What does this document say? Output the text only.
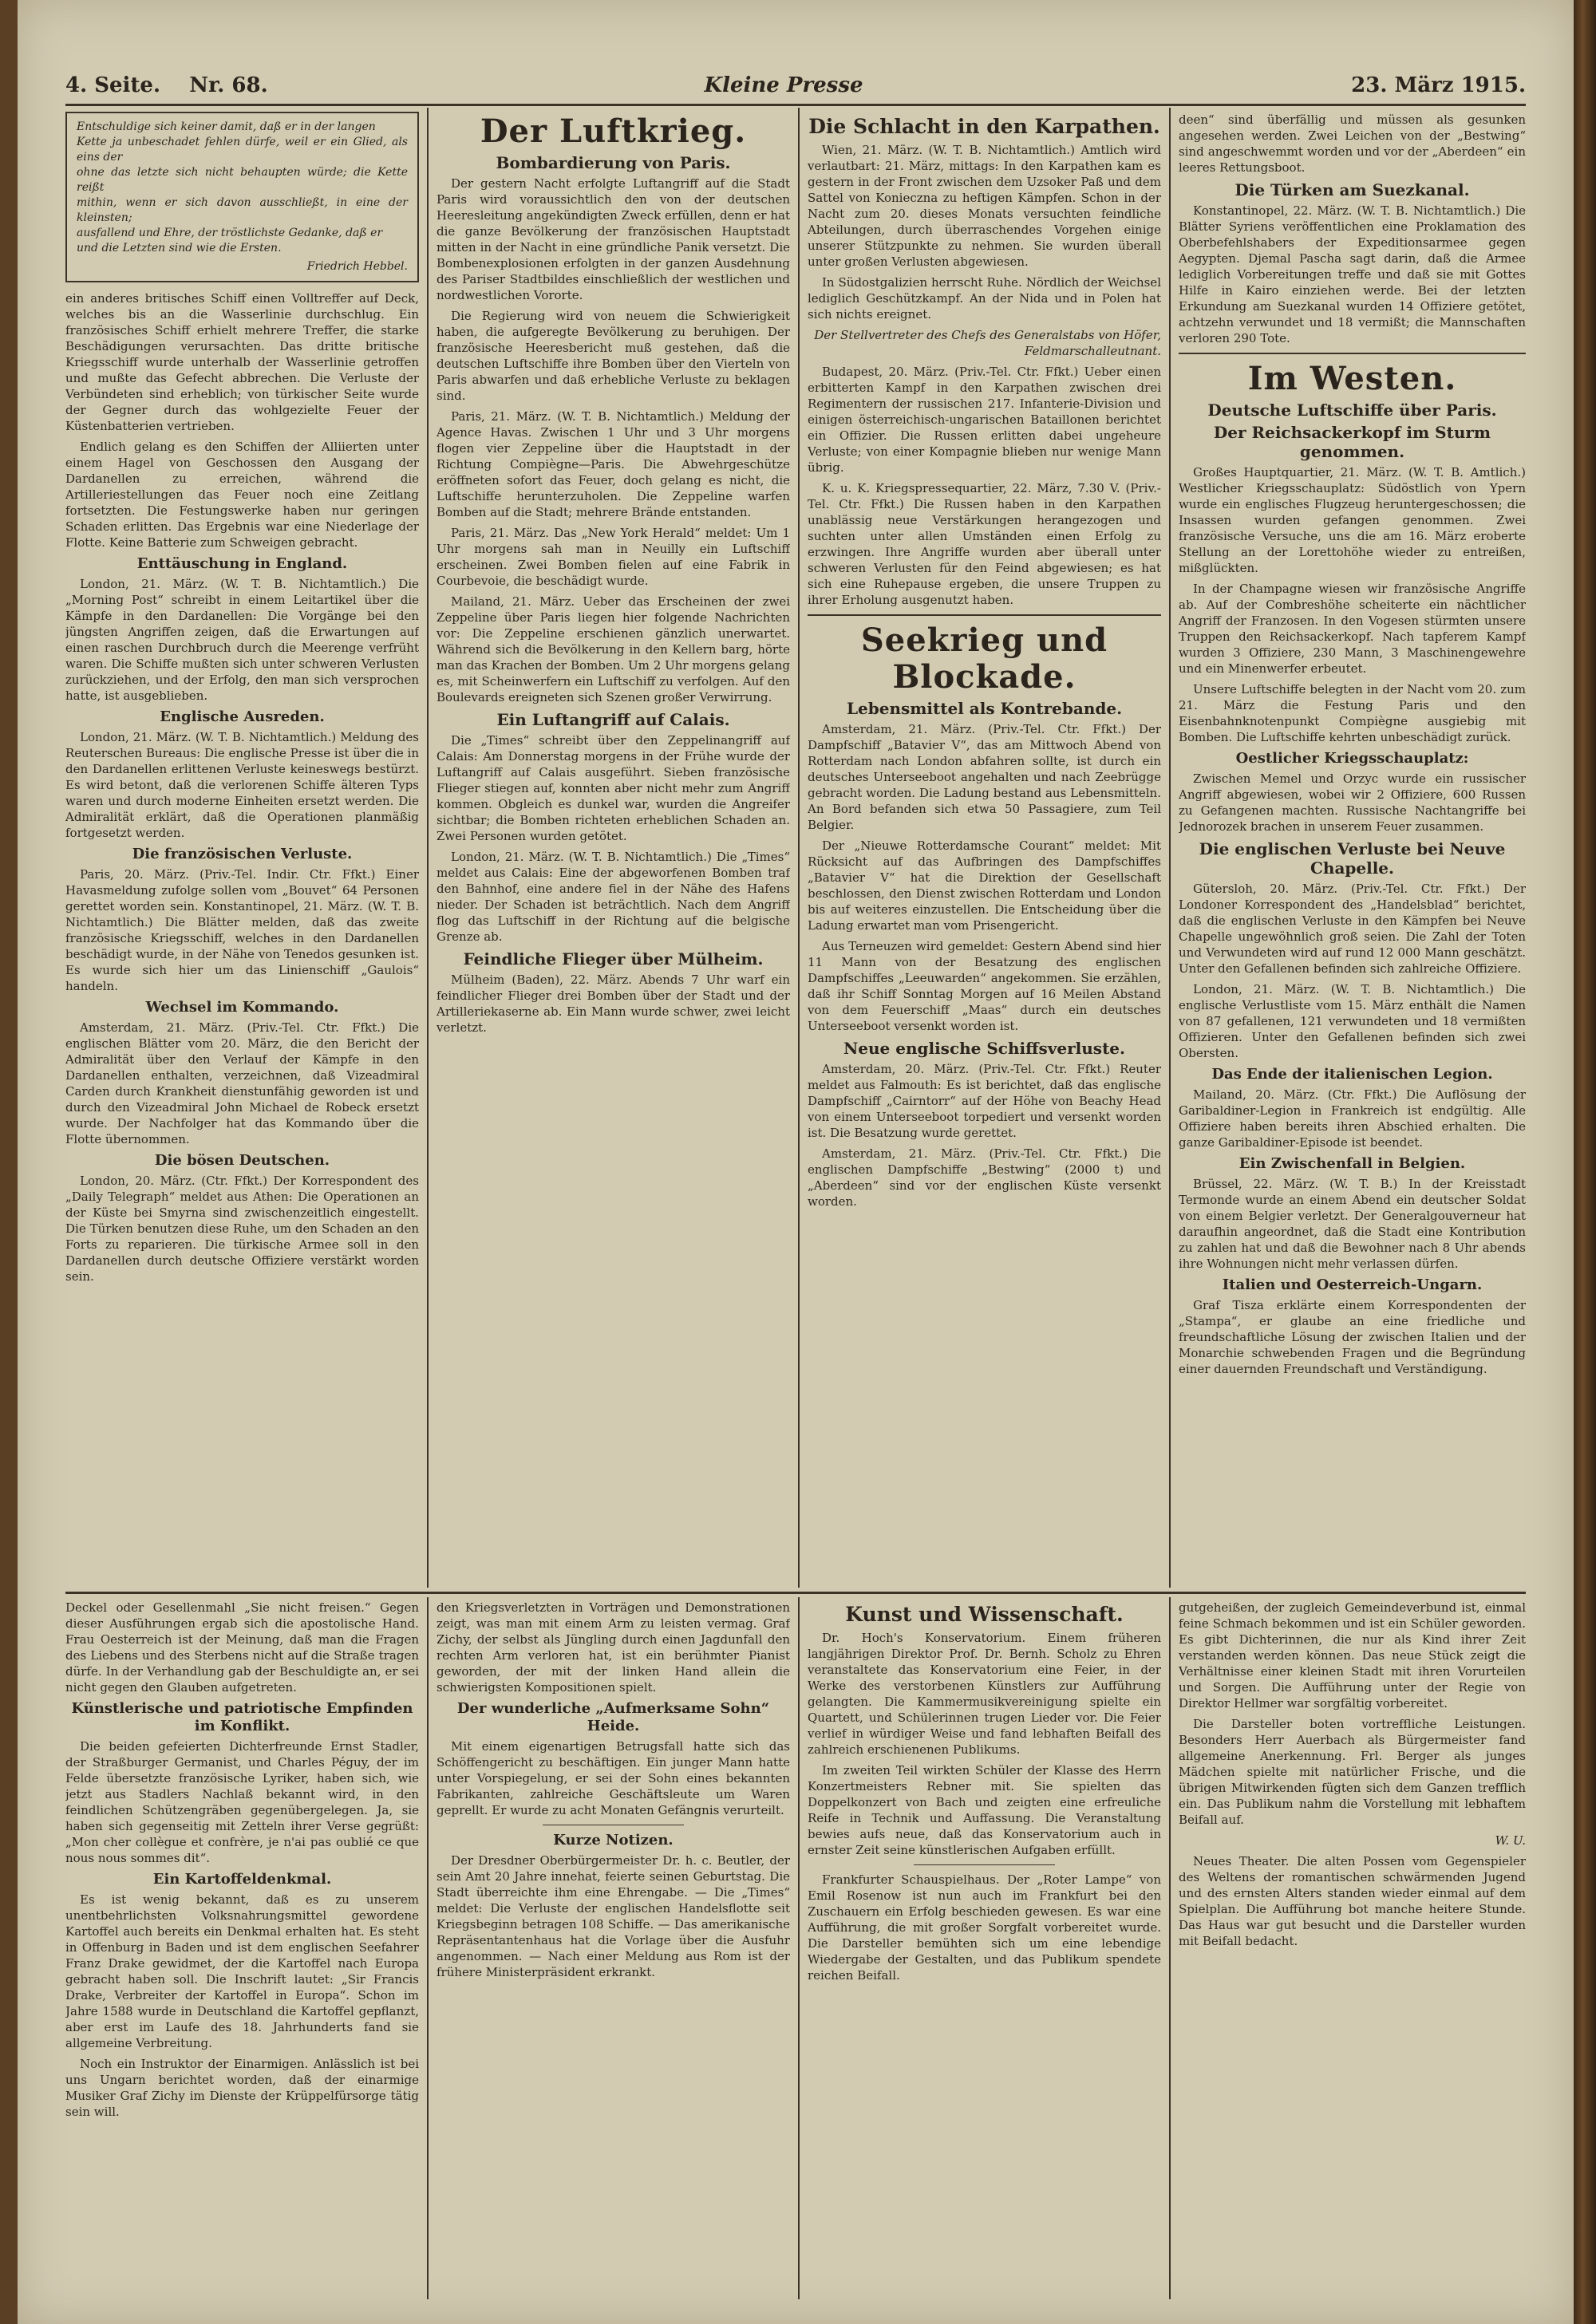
4. Seite. Nr. 68.	Kleine Presse	23. März 1915.
Entschuldige sich keiner damit, daß er in der langen
Kette ja unbeschadet fehlen dürfe, weil er ein Glied, als eins der
ohne das letzte sich nicht behaupten würde; die Kette reißt
mithin, wenn er sich davon ausschließt, in eine der kleinsten;
ausfallend und Ehre, der tröstlichste Gedanke, daß er
und die Letzten sind wie die Ersten.
Friedrich Hebbel.

ein anderes britisches Schiff einen Volltreffer auf Deck, welches bis an die Wasserlinie durchschlug. Ein französisches Schiff erhielt mehrere Treffer, die starke Beschädigungen verursachten. Das dritte britische Kriegsschiff wurde unterhalb der Wasserlinie getroffen und mußte das Gefecht abbrechen. Die Verluste der Verbündeten sind erheblich; von türkischer Seite wurde der Gegner durch das wohlgezielte Feuer der Küstenbatterien vertrieben.

Endlich gelang es den Schiffen der Alliierten unter einem Hagel von Geschossen den Ausgang der Dardanellen zu erreichen, während die Artilleriestellungen das Feuer noch eine Zeitlang fortsetzten. Die Festungswerke haben nur geringen Schaden erlitten. Das Ergebnis war eine Niederlage der Flotte. Keine Batterie zum Schweigen gebracht.

Enttäuschung in England.

London, 21. März. (W. T. B. Nichtamtlich.) Die „Morning Post“ schreibt in einem Leitartikel über die Kämpfe in den Dardanellen: Die Vorgänge bei den jüngsten Angriffen zeigen, daß die Erwartungen auf einen raschen Durchbruch durch die Meerenge verfrüht waren. Die Schiffe mußten sich unter schweren Verlusten zurückziehen, und der Erfolg, den man sich versprochen hatte, ist ausgeblieben.

Englische Ausreden.

London, 21. März. (W. T. B. Nichtamtlich.) Meldung des Reuterschen Bureaus: Die englische Presse ist über die in den Dardanellen erlittenen Verluste keineswegs bestürzt. Es wird betont, daß die verlorenen Schiffe älteren Typs waren und durch moderne Einheiten ersetzt werden. Die Admiralität erklärt, daß die Operationen planmäßig fortgesetzt werden.

Die französischen Verluste.

Paris, 20. März. (Priv.-Tel. Indir. Ctr. Ffkt.) Einer Havasmeldung zufolge sollen vom „Bouvet“ 64 Personen gerettet worden sein. Konstantinopel, 21. März. (W. T. B. Nichtamtlich.) Die Blätter melden, daß das zweite französische Kriegsschiff, welches in den Dardanellen beschädigt wurde, in der Nähe von Tenedos gesunken ist. Es wurde sich hier um das Linienschiff „Gaulois“ handeln.

Wechsel im Kommando.

Amsterdam, 21. März. (Priv.-Tel. Ctr. Ffkt.) Die englischen Blätter vom 20. März, die den Bericht der Admiralität über den Verlauf der Kämpfe in den Dardanellen enthalten, verzeichnen, daß Vizeadmiral Carden durch Krankheit dienstunfähig geworden ist und durch den Vizeadmiral John Michael de Robeck ersetzt wurde. Der Nachfolger hat das Kommando über die Flotte übernommen.

Die bösen Deutschen.

London, 20. März. (Ctr. Ffkt.) Der Korrespondent des „Daily Telegraph“ meldet aus Athen: Die Operationen an der Küste bei Smyrna sind zwischenzeitlich eingestellt. Die Türken benutzen diese Ruhe, um den Schaden an den Forts zu reparieren. Die türkische Armee soll in den Dardanellen durch deutsche Offiziere verstärkt worden sein.

Der Luftkrieg.
Bombardierung von Paris.

Der gestern Nacht erfolgte Luftangriff auf die Stadt Paris wird voraussichtlich den von der deutschen Heeresleitung angekündigten Zweck erfüllen, denn er hat die ganze Bevölkerung der französischen Hauptstadt mitten in der Nacht in eine gründliche Panik versetzt. Die Bombenexplosionen erfolgten in der ganzen Ausdehnung des Pariser Stadtbildes einschließlich der westlichen und nordwestlichen Vororte.

Die Regierung wird von neuem die Schwierigkeit haben, die aufgeregte Bevölkerung zu beruhigen. Der französische Heeresbericht muß gestehen, daß die deutschen Luftschiffe ihre Bomben über den Vierteln von Paris abwarfen und daß erhebliche Verluste zu beklagen sind.

Paris, 21. März. (W. T. B. Nichtamtlich.) Meldung der Agence Havas. Zwischen 1 Uhr und 3 Uhr morgens flogen vier Zeppeline über die Hauptstadt in der Richtung Compiègne—Paris. Die Abwehrgeschütze eröffneten sofort das Feuer, doch gelang es nicht, die Luftschiffe herunterzuholen. Die Zeppeline warfen Bomben auf die Stadt; mehrere Brände entstanden.

Paris, 21. März. Das „New York Herald“ meldet: Um 1 Uhr morgens sah man in Neuilly ein Luftschiff erscheinen. Zwei Bomben fielen auf eine Fabrik in Courbevoie, die beschädigt wurde.

Mailand, 21. März. Ueber das Erscheinen der zwei Zeppeline über Paris liegen hier folgende Nachrichten vor: Die Zeppeline erschienen gänzlich unerwartet. Während sich die Bevölkerung in den Kellern barg, hörte man das Krachen der Bomben. Um 2 Uhr morgens gelang es, mit Scheinwerfern ein Luftschiff zu verfolgen. Auf den Boulevards ereigneten sich Szenen großer Verwirrung.

Ein Luftangriff auf Calais.

Die „Times“ schreibt über den Zeppelinangriff auf Calais: Am Donnerstag morgens in der Frühe wurde der Luftangriff auf Calais ausgeführt. Sieben französische Flieger stiegen auf, konnten aber nicht mehr zum Angriff kommen. Obgleich es dunkel war, wurden die Angreifer sichtbar; die Bomben richteten erheblichen Schaden an. Zwei Personen wurden getötet.

London, 21. März. (W. T. B. Nichtamtlich.) Die „Times“ meldet aus Calais: Eine der abgeworfenen Bomben traf den Bahnhof, eine andere fiel in der Nähe des Hafens nieder. Der Schaden ist beträchtlich. Nach dem Angriff flog das Luftschiff in der Richtung auf die belgische Grenze ab.

Feindliche Flieger über Mülheim.

Mülheim (Baden), 22. März. Abends 7 Uhr warf ein feindlicher Flieger drei Bomben über der Stadt und der Artilleriekaserne ab. Ein Mann wurde schwer, zwei leicht verletzt.

Die Schlacht in den Karpathen.

Wien, 21. März. (W. T. B. Nichtamtlich.) Amtlich wird verlautbart: 21. März, mittags: In den Karpathen kam es gestern in der Front zwischen dem Uzsoker Paß und dem Sattel von Konieczna zu heftigen Kämpfen. Schon in der Nacht zum 20. dieses Monats versuchten feindliche Abteilungen, durch überraschendes Vorgehen einige unserer Stützpunkte zu nehmen. Sie wurden überall unter großen Verlusten abgewiesen.

In Südostgalizien herrscht Ruhe. Nördlich der Weichsel lediglich Geschützkampf. An der Nida und in Polen hat sich nichts ereignet.

Der Stellvertreter des Chefs des Generalstabs von Höfer, Feldmarschalleutnant.

Budapest, 20. März. (Priv.-Tel. Ctr. Ffkt.) Ueber einen erbitterten Kampf in den Karpathen zwischen drei Regimentern der russischen 217. Infanterie-Division und einigen österreichisch-ungarischen Bataillonen berichtet ein Offizier. Die Russen erlitten dabei ungeheure Verluste; von einer Kompagnie blieben nur wenige Mann übrig.

K. u. K. Kriegspressequartier, 22. März, 7.30 V. (Priv.-Tel. Ctr. Ffkt.) Die Russen haben in den Karpathen unablässig neue Verstärkungen herangezogen und suchten unter allen Umständen einen Erfolg zu erzwingen. Ihre Angriffe wurden aber überall unter schweren Verlusten für den Feind abgewiesen; es hat sich eine Ruhepause ergeben, die unsere Truppen zu ihrer Erholung ausgenutzt haben.

Seekrieg und Blockade.
Lebensmittel als Kontrebande.

Amsterdam, 21. März. (Priv.-Tel. Ctr. Ffkt.) Der Dampfschiff „Batavier V“, das am Mittwoch Abend von Rotterdam nach London abfahren sollte, ist durch ein deutsches Unterseeboot angehalten und nach Zeebrügge gebracht worden. Die Ladung bestand aus Lebensmitteln. An Bord befanden sich etwa 50 Passagiere, zum Teil Belgier.

Der „Nieuwe Rotterdamsche Courant“ meldet: Mit Rücksicht auf das Aufbringen des Dampfschiffes „Batavier V“ hat die Direktion der Gesellschaft beschlossen, den Dienst zwischen Rotterdam und London bis auf weiteres einzustellen. Die Entscheidung über die Ladung erwartet man vom Prisengericht.

Aus Terneuzen wird gemeldet: Gestern Abend sind hier 11 Mann von der Besatzung des englischen Dampfschiffes „Leeuwarden“ angekommen. Sie erzählen, daß ihr Schiff Sonntag Morgen auf 16 Meilen Abstand von dem Feuerschiff „Maas“ durch ein deutsches Unterseeboot versenkt worden ist.

Neue englische Schiffsverluste.

Amsterdam, 20. März. (Priv.-Tel. Ctr. Ffkt.) Reuter meldet aus Falmouth: Es ist berichtet, daß das englische Dampfschiff „Cairntorr“ auf der Höhe von Beachy Head von einem Unterseeboot torpediert und versenkt worden ist. Die Besatzung wurde gerettet.

Amsterdam, 21. März. (Priv.-Tel. Ctr. Ffkt.) Die englischen Dampfschiffe „Bestwing“ (2000 t) und „Aberdeen“ sind vor der englischen Küste versenkt worden.

deen“ sind überfällig und müssen als gesunken angesehen werden. Zwei Leichen von der „Bestwing“ sind angeschwemmt worden und vor der „Aberdeen“ ein leeres Rettungsboot.

Die Türken am Suezkanal.

Konstantinopel, 22. März. (W. T. B. Nichtamtlich.) Die Blätter Syriens veröffentlichen eine Proklamation des Oberbefehlshabers der Expeditionsarmee gegen Aegypten. Djemal Pascha sagt darin, daß die Armee lediglich Vorbereitungen treffe und daß sie mit Gottes Hilfe in Kairo einziehen werde. Bei der letzten Erkundung am Suezkanal wurden 14 Offiziere getötet, achtzehn verwundet und 18 vermißt; die Mannschaften verloren 290 Tote.

Im Westen.
Deutsche Luftschiffe über Paris.
Der Reichsackerkopf im Sturm genommen.

Großes Hauptquartier, 21. März. (W. T. B. Amtlich.) Westlicher Kriegsschauplatz: Südöstlich von Ypern wurde ein englisches Flugzeug heruntergeschossen; die Insassen wurden gefangen genommen. Zwei französische Versuche, uns die am 16. März eroberte Stellung an der Lorettohöhe wieder zu entreißen, mißglückten.

In der Champagne wiesen wir französische Angriffe ab. Auf der Combreshöhe scheiterte ein nächtlicher Angriff der Franzosen. In den Vogesen stürmten unsere Truppen den Reichsackerkopf. Nach tapferem Kampf wurden 3 Offiziere, 230 Mann, 3 Maschinengewehre und ein Minenwerfer erbeutet.

Unsere Luftschiffe belegten in der Nacht vom 20. zum 21. März die Festung Paris und den Eisenbahnknotenpunkt Compiègne ausgiebig mit Bomben. Die Luftschiffe kehrten unbeschädigt zurück.

Oestlicher Kriegsschauplatz:

Zwischen Memel und Orzyc wurde ein russischer Angriff abgewiesen, wobei wir 2 Offiziere, 600 Russen zu Gefangenen machten. Russische Nachtangriffe bei Jednorozek brachen in unserem Feuer zusammen.

Die englischen Verluste bei Neuve Chapelle.

Gütersloh, 20. März. (Priv.-Tel. Ctr. Ffkt.) Der Londoner Korrespondent des „Handelsblad“ berichtet, daß die englischen Verluste in den Kämpfen bei Neuve Chapelle ungewöhnlich groß seien. Die Zahl der Toten und Verwundeten wird auf rund 12 000 Mann geschätzt. Unter den Gefallenen befinden sich zahlreiche Offiziere.

London, 21. März. (W. T. B. Nichtamtlich.) Die englische Verlustliste vom 15. März enthält die Namen von 87 gefallenen, 121 verwundeten und 18 vermißten Offizieren. Unter den Gefallenen befinden sich zwei Obersten.

Das Ende der italienischen Legion.

Mailand, 20. März. (Ctr. Ffkt.) Die Auflösung der Garibaldiner-Legion in Frankreich ist endgültig. Alle Offiziere haben bereits ihren Abschied erhalten. Die ganze Garibaldiner-Episode ist beendet.

Ein Zwischenfall in Belgien.

Brüssel, 22. März. (W. T. B.) In der Kreisstadt Termonde wurde an einem Abend ein deutscher Soldat von einem Belgier verletzt. Der Generalgouverneur hat daraufhin angeordnet, daß die Stadt eine Kontribution zu zahlen hat und daß die Bewohner nach 8 Uhr abends ihre Wohnungen nicht mehr verlassen dürfen.

Italien und Oesterreich-Ungarn.

Graf Tisza erklärte einem Korrespondenten der „Stampa“, er glaube an eine friedliche und freundschaftliche Lösung der zwischen Italien und der Monarchie schwebenden Fragen und die Begründung einer dauernden Freundschaft und Verständigung.

Deckel oder Gesellenmahl „Sie nicht freisen.“ Gegen dieser Ausführungen ergab sich die apostolische Hand. Frau Oesterreich ist der Meinung, daß man die Fragen des Liebens und des Sterbens nicht auf die Straße tragen dürfe. In der Verhandlung gab der Beschuldigte an, er sei nicht gegen den Glauben aufgetreten.

Künstlerische und patriotische Empfinden im Konflikt.

Die beiden gefeierten Dichterfreunde Ernst Stadler, der Straßburger Germanist, und Charles Péguy, der im Felde übersetzte französische Lyriker, haben sich, wie jetzt aus Stadlers Nachlaß bekannt wird, in den feindlichen Schützengräben gegenübergelegen. Ja, sie haben sich gegenseitig mit Zetteln ihrer Verse gegrüßt: „Mon cher collègue et confrère, je n'ai pas oublié ce que nous nous sommes dit“.

Ein Kartoffeldenkmal.

Es ist wenig bekannt, daß es zu unserem unentbehrlichsten Volksnahrungsmittel gewordene Kartoffel auch bereits ein Denkmal erhalten hat. Es steht in Offenburg in Baden und ist dem englischen Seefahrer Franz Drake gewidmet, der die Kartoffel nach Europa gebracht haben soll. Die Inschrift lautet: „Sir Francis Drake, Verbreiter der Kartoffel in Europa“. Schon im Jahre 1588 wurde in Deutschland die Kartoffel gepflanzt, aber erst im Laufe des 18. Jahrhunderts fand sie allgemeine Verbreitung.

Noch ein Instruktor der Einarmigen. Anlässlich ist bei uns Ungarn berichtet worden, daß der einarmige Musiker Graf Zichy im Dienste der Krüppelfürsorge tätig sein will.

den Kriegsverletzten in Vorträgen und Demonstrationen zeigt, was man mit einem Arm zu leisten vermag. Graf Zichy, der selbst als Jüngling durch einen Jagdunfall den rechten Arm verloren hat, ist ein berühmter Pianist geworden, der mit der linken Hand allein die schwierigsten Kompositionen spielt.

Der wunderliche „Aufmerksame Sohn“ Heide.

Mit einem eigenartigen Betrugsfall hatte sich das Schöffengericht zu beschäftigen. Ein junger Mann hatte unter Vorspiegelung, er sei der Sohn eines bekannten Fabrikanten, zahlreiche Geschäftsleute um Waren geprellt. Er wurde zu acht Monaten Gefängnis verurteilt.

Kurze Notizen.

Der Dresdner Oberbürgermeister Dr. h. c. Beutler, der sein Amt 20 Jahre innehat, feierte seinen Geburtstag. Die Stadt überreichte ihm eine Ehrengabe. — Die „Times“ meldet: Die Verluste der englischen Handelsflotte seit Kriegsbeginn betragen 108 Schiffe. — Das amerikanische Repräsentantenhaus hat die Vorlage über die Ausfuhr angenommen. — Nach einer Meldung aus Rom ist der frühere Ministerpräsident erkrankt.

Kunst und Wissenschaft.

Dr. Hoch's Konservatorium. Einem früheren langjährigen Direktor Prof. Dr. Bernh. Scholz zu Ehren veranstaltete das Konservatorium eine Feier, in der Werke des verstorbenen Künstlers zur Aufführung gelangten. Die Kammermusikvereinigung spielte ein Quartett, und Schülerinnen trugen Lieder vor. Die Feier verlief in würdiger Weise und fand lebhaften Beifall des zahlreich erschienenen Publikums.

Im zweiten Teil wirkten Schüler der Klasse des Herrn Konzertmeisters Rebner mit. Sie spielten das Doppelkonzert von Bach und zeigten eine erfreuliche Reife in Technik und Auffassung. Die Veranstaltung bewies aufs neue, daß das Konservatorium auch in ernster Zeit seine künstlerischen Aufgaben erfüllt.

Frankfurter Schauspielhaus. Der „Roter Lampe“ von Emil Rosenow ist nun auch im Frankfurt bei den Zuschauern ein Erfolg beschieden gewesen. Es war eine Aufführung, die mit großer Sorgfalt vorbereitet wurde. Die Darsteller bemühten sich um eine lebendige Wiedergabe der Gestalten, und das Publikum spendete reichen Beifall.

gutgeheißen, der zugleich Gemeindeverbund ist, einmal feine Schmach bekommen und ist ein Schüler geworden. Es gibt Dichterinnen, die nur als Kind ihrer Zeit verstanden werden können. Das neue Stück zeigt die Verhältnisse einer kleinen Stadt mit ihren Vorurteilen und Sorgen. Die Aufführung unter der Regie von Direktor Hellmer war sorgfältig vorbereitet.

Die Darsteller boten vortreffliche Leistungen. Besonders Herr Auerbach als Bürgermeister fand allgemeine Anerkennung. Frl. Berger als junges Mädchen spielte mit natürlicher Frische, und die übrigen Mitwirkenden fügten sich dem Ganzen trefflich ein. Das Publikum nahm die Vorstellung mit lebhaftem Beifall auf.

W. U.

Neues Theater. Die alten Possen vom Gegenspieler des Weltens der romantischen schwärmenden Jugend und des ernsten Alters standen wieder einmal auf dem Spielplan. Die Aufführung bot manche heitere Stunde. Das Haus war gut besucht und die Darsteller wurden mit Beifall bedacht.
